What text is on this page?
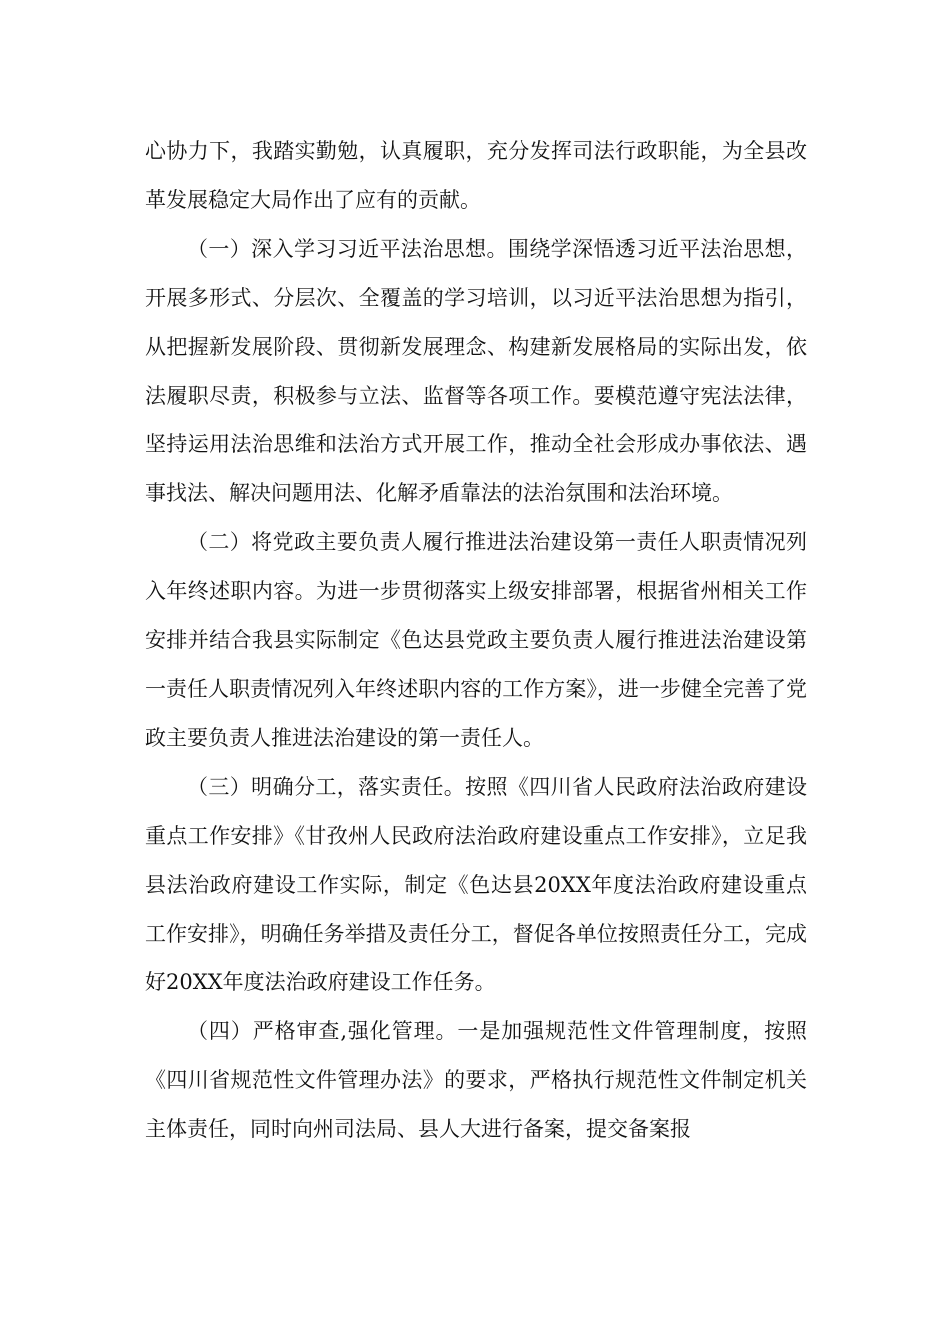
心协力下，我踏实勤勉，认真履职，充分发挥司法行政职能，为全县改革发展稳定大局作出了应有的贡献。

（一）深入学习习近平法治思想。围绕学深悟透习近平法治思想，开展多形式、分层次、全覆盖的学习培训，以习近平法治思想为指引，从把握新发展阶段、贯彻新发展理念、构建新发展格局的实际出发，依法履职尽责，积极参与立法、监督等各项工作。要模范遵守宪法法律，坚持运用法治思维和法治方式开展工作，推动全社会形成办事依法、遇事找法、解决问题用法、化解矛盾靠法的法治氛围和法治环境。

（二）将党政主要负责人履行推进法治建设第一责任人职责情况列入年终述职内容。为进一步贯彻落实上级安排部署，根据省州相关工作安排并结合我县实际制定《色达县党政主要负责人履行推进法治建设第一责任人职责情况列入年终述职内容的工作方案》，进一步健全完善了党政主要负责人推进法治建设的第一责任人。

（三）明确分工，落实责任。按照《四川省人民政府法治政府建设重点工作安排》《甘孜州人民政府法治政府建设重点工作安排》，立足我县法治政府建设工作实际，制定《色达县20XX年度法治政府建设重点工作安排》，明确任务举措及责任分工，督促各单位按照责任分工，完成好20XX年度法治政府建设工作任务。

（四）严格审查,强化管理。一是加强规范性文件管理制度，按照《四川省规范性文件管理办法》的要求，严格执行规范性文件制定机关主体责任，同时向州司法局、县人大进行备案，提交备案报
